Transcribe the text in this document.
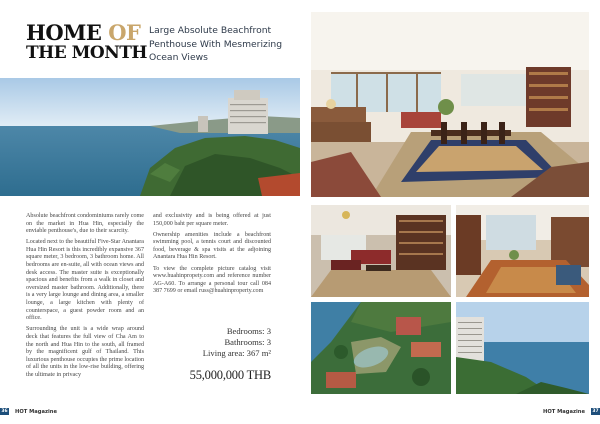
HOME OF
THE MONTH
Large Absolute Beachfront Penthouse With Mesmerizing Ocean Views

Absolute beachfront condominiums rarely come on the market in Hua Hin, especially the enviable penthouse's, due to their scarcity.

Located next to the beautiful Five-Star Anantara Hua Hin Resort is this incredibly expansive 367 square meter, 3 bedroom, 3 bathroom home. All bedrooms are en-suite, all with ocean views and desk access. The master suite is exceptionally spacious and benefits from a walk in closet and oversized master bathroom. Additionally, there is a very large lounge and dining area, a smaller lounge, a large kitchen with plenty of counterspace, a guest powder room and an office.

Surrounding the unit is a wide wrap around deck that features the full view of Cha Am to the north and Hua Hin to the south, all framed by the magnificent gulf of Thailand. This luxurious penthouse occupies the prime location of all the units in the low-rise building, offering the ultimate in privacy

and exclusivity and is being offered at just 150,000 baht per square meter.

Ownership amenities include a beachfront swimming pool, a tennis court and discounted food, beverage & spa visits at the adjoining Anantara Hua Hin Resort.

To view the complete picture catalog visit www.huahinpropety.com and reference number AG-A60. To arrange a personal tour call 084 387 7699 or email russ@huahinproperty.com

Bedrooms: 3
Bathrooms: 3
Living area: 367 m²
55,000,000 THB
36 HOT Magazine	HOT Magazine	37
